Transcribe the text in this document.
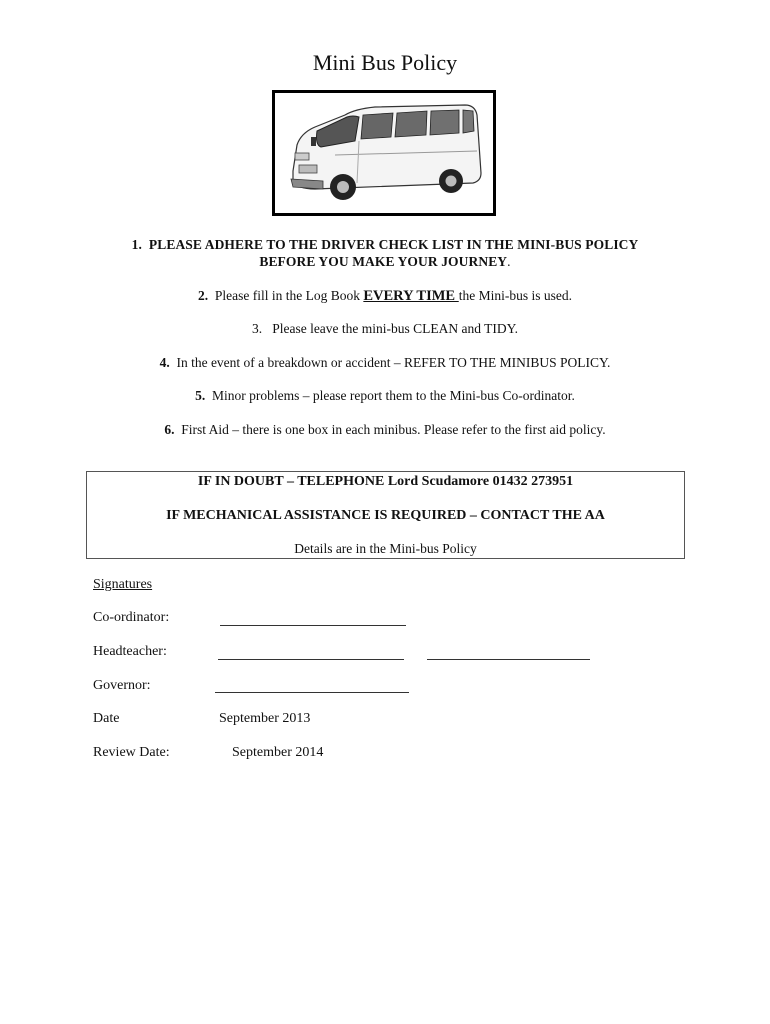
Mini Bus Policy
1. PLEASE ADHERE TO THE DRIVER CHECK LIST IN THE MINI-BUS POLICY
BEFORE YOU MAKE YOUR JOURNEY.
2. Please fill in the Log Book EVERY TIME the Mini-bus is used.
3. Please leave the mini-bus CLEAN and TIDY.
4. In the event of a breakdown or accident – REFER TO THE MINIBUS POLICY.
5. Minor problems – please report them to the Mini-bus Co-ordinator.
6. First Aid – there is one box in each minibus. Please refer to the first aid policy.
IF IN DOUBT – TELEPHONE Lord Scudamore 01432 273951
IF MECHANICAL ASSISTANCE IS REQUIRED – CONTACT THE AA
Details are in the Mini-bus Policy
Signatures
Co-ordinator:
Headteacher:
Governor:
Date	September 2013
Review Date:	September 2014
